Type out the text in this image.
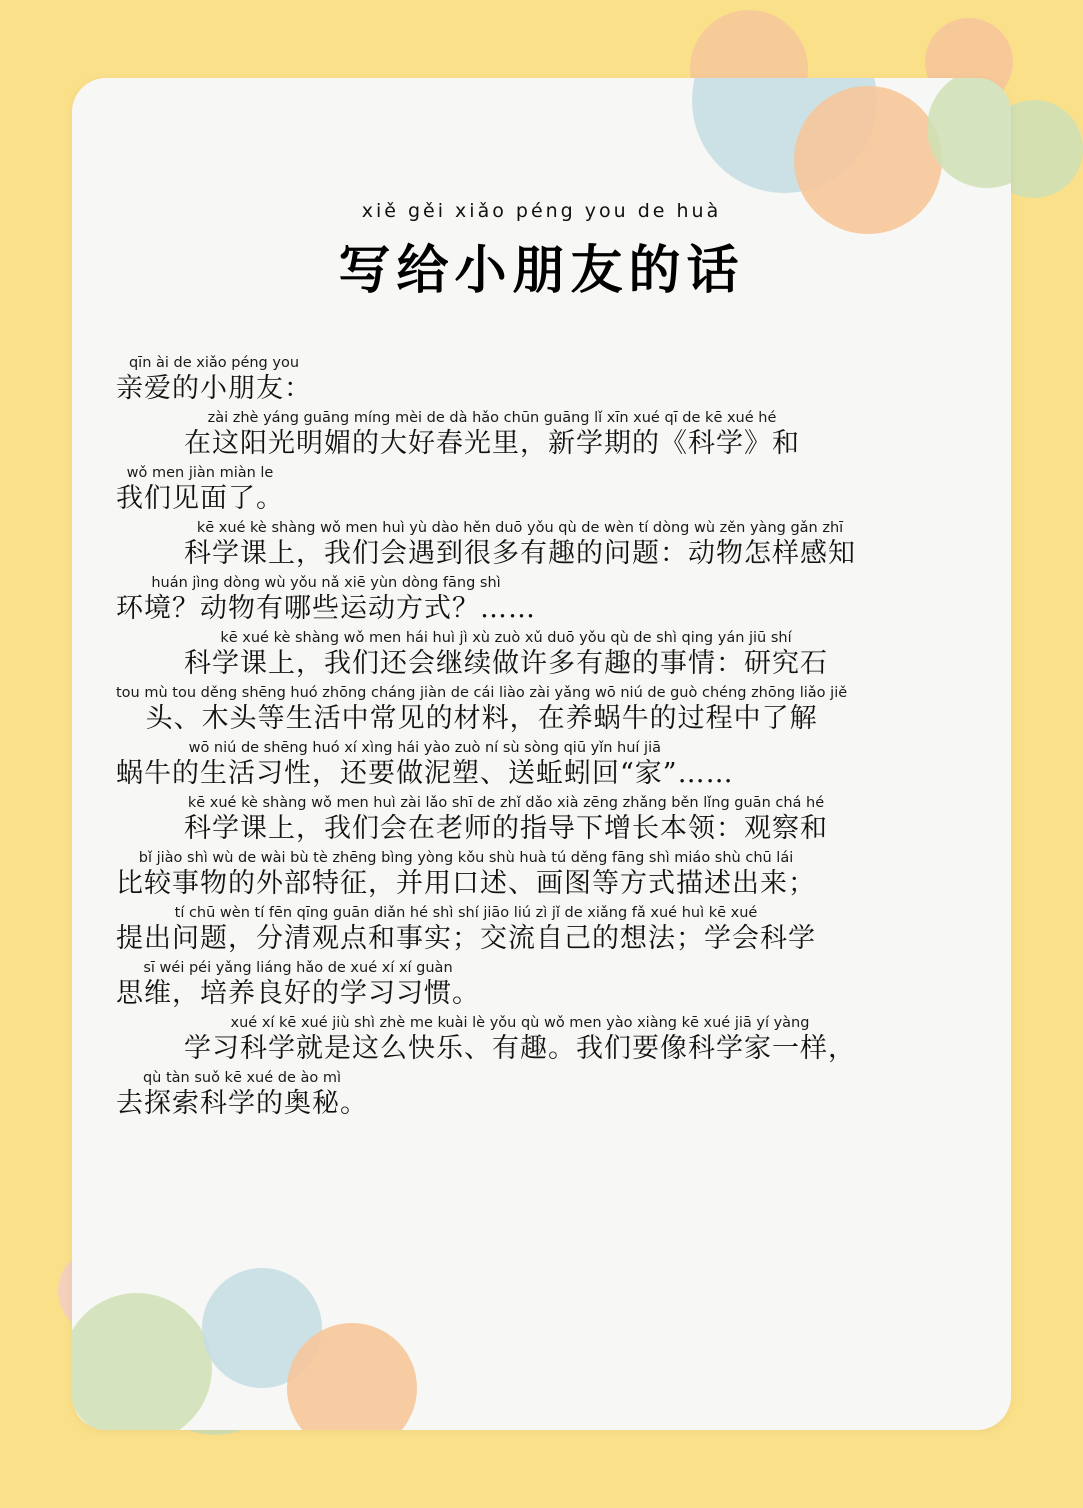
xiě gěi xiǎo péng you de huà
写给小朋友的话
qīn ài de xiǎo péng you
亲爱的小朋友：
zài zhè yáng guāng míng mèi de dà hǎo chūn guāng lǐ xīn xué qī de kē xué hé
在这阳光明媚的大好春光里，新学期的《科学》和
wǒ men jiàn miàn le
我们见面了。
kē xué kè shàng wǒ men huì yù dào hěn duō yǒu qù de wèn tí dòng wù zěn yàng gǎn zhī
科学课上，我们会遇到很多有趣的问题：动物怎样感知
huán jìng dòng wù yǒu nǎ xiē yùn dòng fāng shì
环境？动物有哪些运动方式？……
kē xué kè shàng wǒ men hái huì jì xù zuò xǔ duō yǒu qù de shì qing yán jiū shí
科学课上，我们还会继续做许多有趣的事情：研究石
tou mù tou děng shēng huó zhōng cháng jiàn de cái liào zài yǎng wō niú de guò chéng zhōng liǎo jiě
头、木头等生活中常见的材料，在养蜗牛的过程中了解
wō niú de shēng huó xí xìng hái yào zuò ní sù sòng qiū yǐn huí jiā
蜗牛的生活习性，还要做泥塑、送蚯蚓回“家”……
kē xué kè shàng wǒ men huì zài lǎo shī de zhǐ dǎo xià zēng zhǎng běn lǐng guān chá hé
科学课上，我们会在老师的指导下增长本领：观察和
bǐ jiào shì wù de wài bù tè zhēng bìng yòng kǒu shù huà tú děng fāng shì miáo shù chū lái
比较事物的外部特征，并用口述、画图等方式描述出来；
tí chū wèn tí fēn qīng guān diǎn hé shì shí jiāo liú zì jǐ de xiǎng fǎ xué huì kē xué
提出问题，分清观点和事实；交流自己的想法；学会科学
sī wéi péi yǎng liáng hǎo de xué xí xí guàn
思维，培养良好的学习习惯。
xué xí kē xué jiù shì zhè me kuài lè yǒu qù wǒ men yào xiàng kē xué jiā yí yàng
学习科学就是这么快乐、有趣。我们要像科学家一样，
qù tàn suǒ kē xué de ào mì
去探索科学的奥秘。
